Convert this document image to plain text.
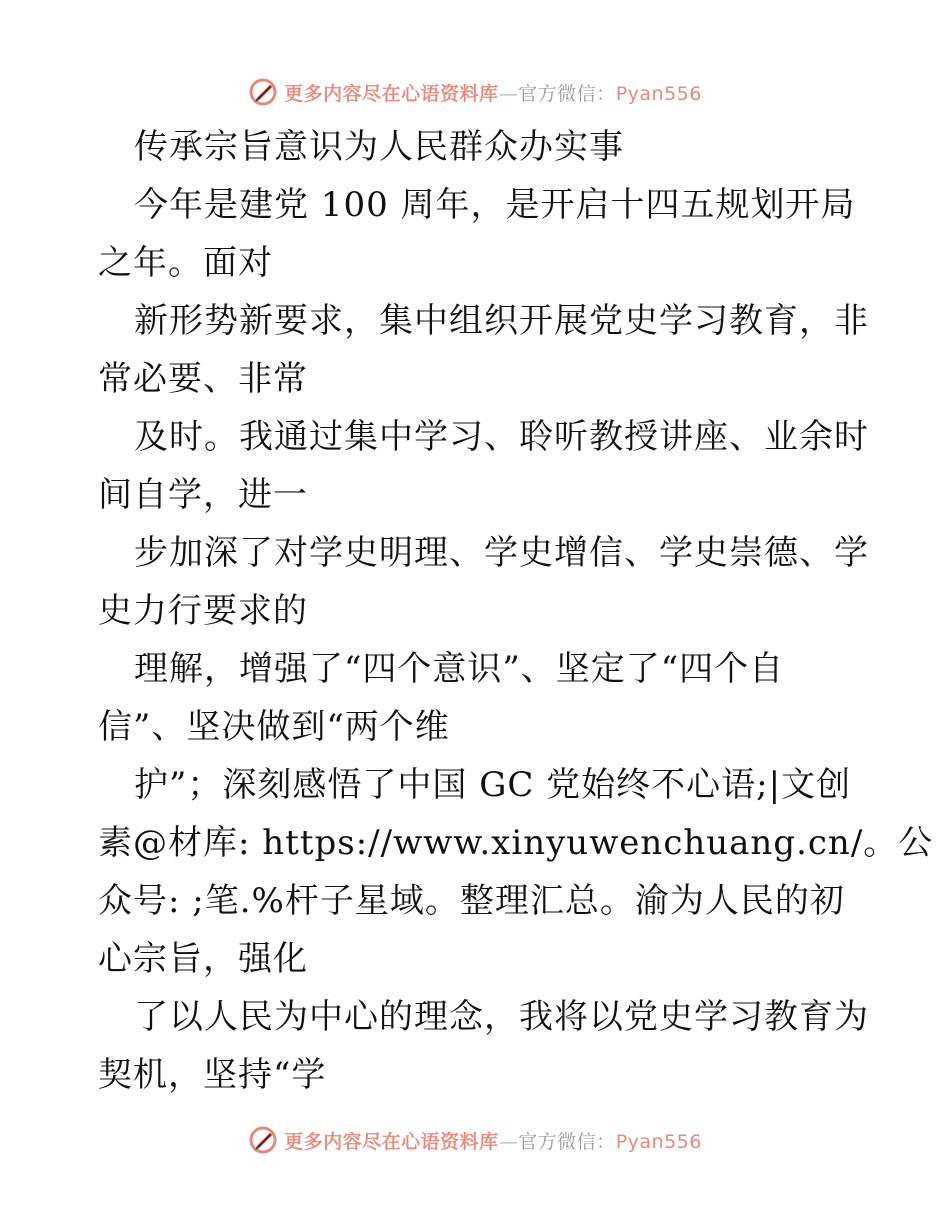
更多内容尽在心语资料库—官方微信：Pyan556
传承宗旨意识为人民群众办实事
今年是建党 100 周年，是开启十四五规划开局
之年。面对
新形势新要求，集中组织开展党史学习教育，非
常必要、非常
及时。我通过集中学习、聆听教授讲座、业余时
间自学，进一
步加深了对学史明理、学史增信、学史崇德、学
史力行要求的
理解，增强了“四个意识”、坚定了“四个自
信”、坚决做到“两个维
护”；深刻感悟了中国 GC 党始终不心语;|文创
素@材库: https://www.xinyuwenchuang.cn/。公
众号: ;笔.%杆子星域。整理汇总。渝为人民的初
心宗旨，强化
了以人民为中心的理念，我将以党史学习教育为
契机，坚持“学
更多内容尽在心语资料库—官方微信：Pyan556
